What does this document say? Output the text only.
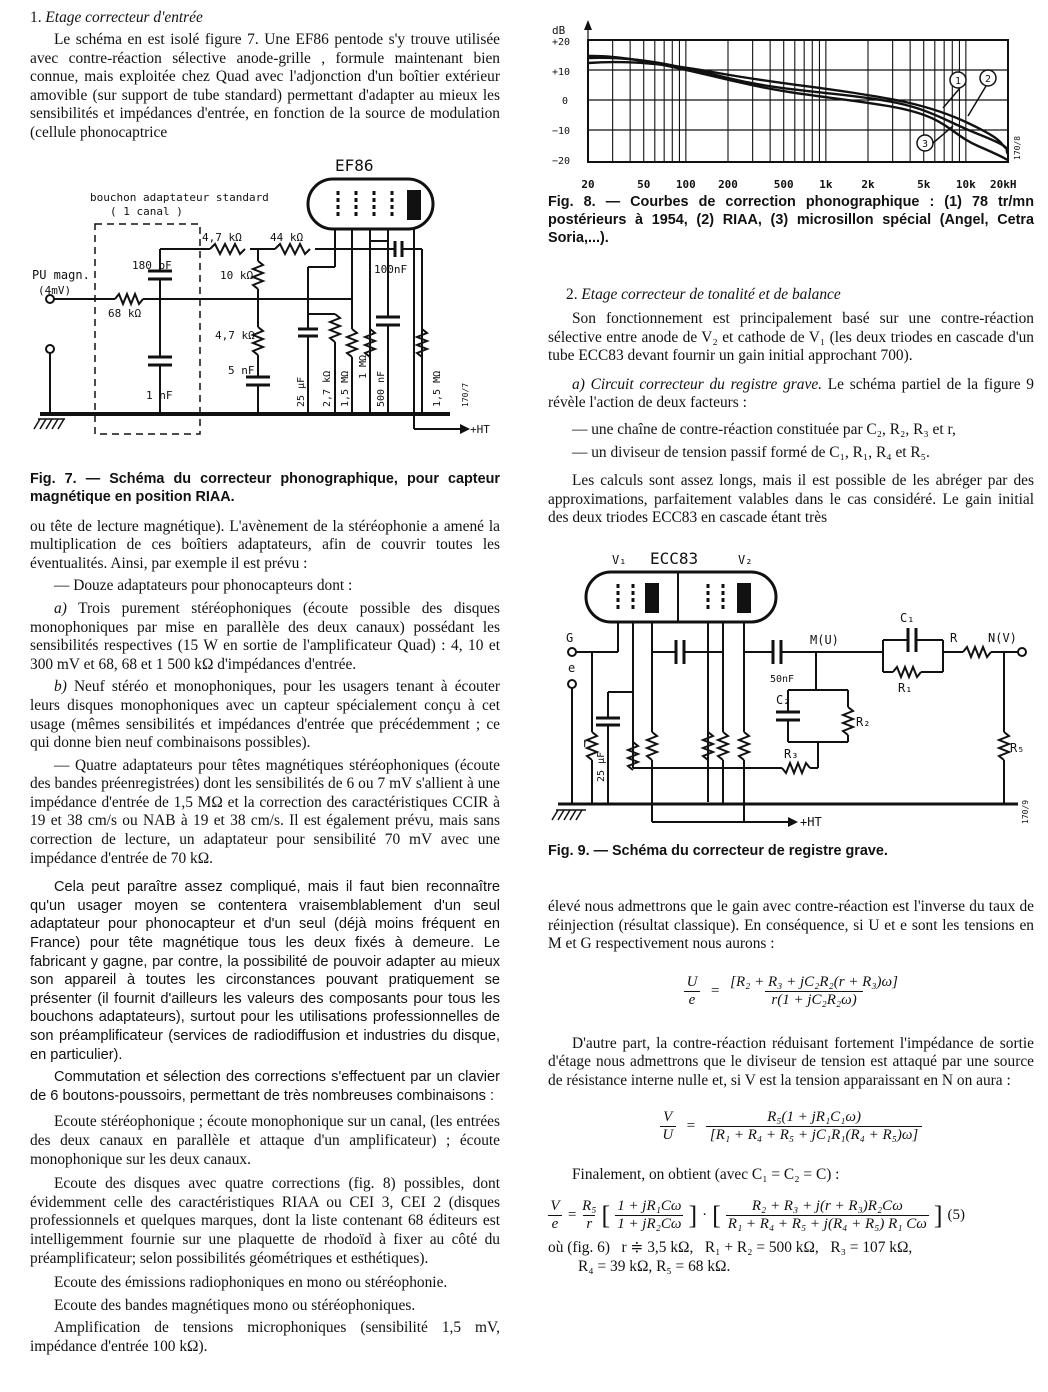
1. Etage correcteur d'entrée

Le schéma en est isolé figure 7. Une EF86 pentode s'y trouve utilisée avec contre-réaction sélective anode-grille , formule maintenant bien connue, mais exploitée chez Quad avec l'adjonction d'un boîtier extérieur amovible (sur support de tube standard) permettant d'adapter au mieux les sensibilités et impédances d'entrée, en fonction de la source de modulation (cellule phonocaptrice

EF86
bouchon adaptateur standard
( 1 canal )
PU magn.
(4mV)
4,7 kΩ	44 kΩ
180 pF
10 kΩ	100nF
68 kΩ
4,7 kΩ
5 nF
1 nF	170/7
+HT
25 μF 2,7 kΩ 1,5 MΩ
1 MΩ
500 nF	1,5 MΩ

Fig. 7. — Schéma du correcteur phonographique, pour capteur magnétique en position RIAA.

ou tête de lecture magnétique). L'avènement de la stéréophonie a amené la multiplication de ces boîtiers adaptateurs, afin de couvrir toutes les éventualités. Ainsi, par exemple il est prévu :

— Douze adaptateurs pour phonocapteurs dont :

a) Trois purement stéréophoniques (écoute possible des disques monophoniques par mise en parallèle des deux canaux) possédant les sensibilités respectives (15 W en sortie de l'amplificateur Quad) : 4, 10 et 300 mV et 68, 68 et 1 500 kΩ d'impédances d'entrée.

b) Neuf stéréo et monophoniques, pour les usagers tenant à écouter leurs disques monophoniques avec un capteur spécialement conçu à cet usage (mêmes sensibilités et impédances d'entrée que précédemment ; ce qui donne bien neuf combinaisons possibles).

— Quatre adaptateurs pour têtes magnétiques stéréophoniques (écoute des bandes préenregistrées) dont les sensibilités de 6 ou 7 mV s'allient à une impédance d'entrée de 1,5 MΩ et la correction des caractéristiques CCIR à 19 et 38 cm/s ou NAB à 19 et 38 cm/s. Il est également prévu, mais sans correction de lecture, un adaptateur pour sensibilité 70 mV avec une impédance d'entrée de 70 kΩ.

Cela peut paraître assez compliqué, mais il faut bien reconnaître qu'un usager moyen se contentera vraisemblablement d'un seul adaptateur pour phonocapteur et d'un seul (déjà moins fréquent en France) pour tête magnétique tous les deux fixés à demeure. Le fabricant y gagne, par contre, la possibilité de pouvoir adapter au mieux son appareil à toutes les circonstances pouvant pratiquement se présenter (il fournit d'ailleurs les valeurs des composants pour tous les bouchons adaptateurs), surtout pour les utilisations professionnelles de son préamplificateur (services de radiodiffusion et industries du disque, en particulier).

Commutation et sélection des corrections s'effectuent par un clavier de 6 boutons-poussoirs, permettant de très nombreuses combinaisons :

Ecoute stéréophonique ; écoute monophonique sur un canal, (les entrées des deux canaux en parallèle et attaque d'un amplificateur) ; écoute monophonique sur les deux canaux.

Ecoute des disques avec quatre corrections (fig. 8) possibles, dont évidemment celle des caractéristiques RIAA ou CEI 3, CEI 2 (disques professionnels et quelques marques, dont la liste contenant 68 éditeurs est intelligemment fournie sur une plaquette de rhodoïd à fixer au côté du préamplificateur; selon possibilités géométriques et esthétiques).

Ecoute des émissions radiophoniques en mono ou stéréophonie.

Ecoute des bandes magnétiques mono ou stéréophoniques.

Amplification de tensions microphoniques (sensibilité 1,5 mV, impédance d'entrée 100 kΩ).

dB
+20
+10
0
−10
−20
20	50 100 200	500 1k	2k	5k 10k 20kH
1 2
3	170/8

Fig. 8. — Courbes de correction phonographique : (1) 78 tr/mn postérieurs à 1954, (2) RIAA, (3) microsillon spécial (Angel, Cetra Soria,...).

2. Etage correcteur de tonalité et de balance

Son fonctionnement est principalement basé sur une contre-réaction sélective entre anode de V₂ et cathode de V₁ (les deux triodes en cascade d'un tube ECC83 devant fournir un gain initial approchant 700).

a) Circuit correcteur du registre grave. Le schéma partiel de la figure 9 révèle l'action de deux facteurs :

— une chaîne de contre-réaction constituée par C₂, R₂, R₃ et r,

— un diviseur de tension passif formé de C₁, R₁, R₄ et R₅.

Les calculs sont assez longs, mais il est possible de les abréger par des approximations, parfaitement valables dans le cas considéré. Le gain initial des deux triodes ECC83 en cascade étant très

V₁ ECC83	V₂
G
e
M(U)
C₁
R	N(V)
R₁
50nF
C₂
R₂
r
R₃	R₅
+HT
25 μF
170/9

Fig. 9. — Schéma du correcteur de registre grave.

élevé nous admettrons que le gain avec contre-réaction est l'inverse du taux de réinjection (résultat classique). En conséquence, si U et e sont les tensions en M et G respectivement nous aurons :

$\frac{U}{e} = \frac{\text{[R₂ + R₃ + jC₂R₂(r + R₃)ω]}}{\text{r(1 + jC₂R₂ω)}}$

D'autre part, la contre-réaction réduisant fortement l'impédance de sortie d'étage nous admettrons que le diviseur de tension est attaqué par une source de résistance interne nulle et, si V est la tension apparaissant en N on aura :

$\frac{V}{U} = \frac{\text{R₅(1 + jR₁C₁ω)}}{\text{[R₁ + R₄ + R₅ + jC₁R₁(R₄ + R₅)ω]}}$

Finalement, on obtient (avec C₁ = C₂ = C) :

$\frac{V}{e} = \frac{\text{R₅}}{r}$ [ 1 + jR₁Cω
1 + jR₂Cω ] · [ R₂ + R₃ + j(r + R₃)R₂Cω
R₁ + R₄ + R₅ + j(R₄ + R₅) R₁ Cω ] (5)

où (fig. 6)   r ≑ 3,5 kΩ,   R₁ + R₂ = 500 kΩ,   R₃ = 107 kΩ,

R₄ = 39 kΩ, R₅ = 68 kΩ.
